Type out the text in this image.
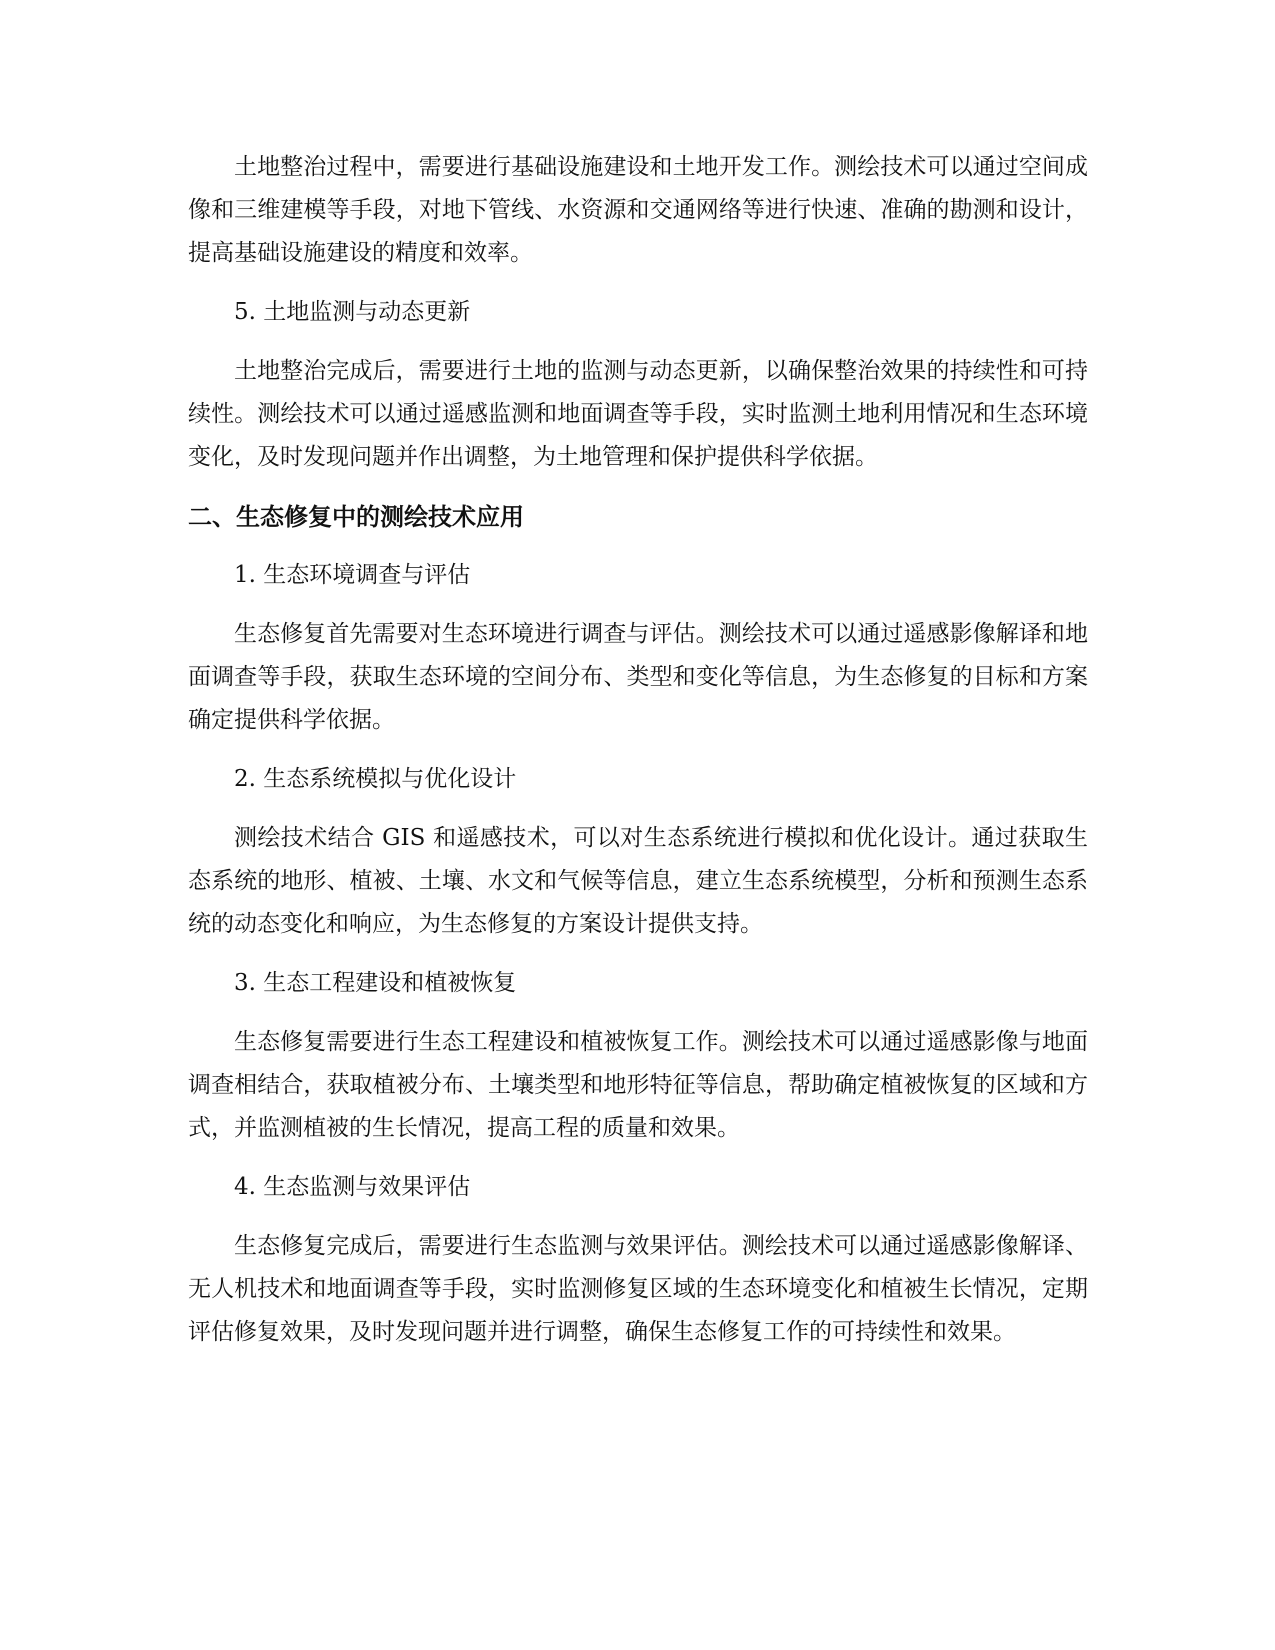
土地整治过程中，需要进行基础设施建设和土地开发工作。测绘技术可以通过空间成像和三维建模等手段，对地下管线、水资源和交通网络等进行快速、准确的勘测和设计，提高基础设施建设的精度和效率。

5. 土地监测与动态更新

土地整治完成后，需要进行土地的监测与动态更新，以确保整治效果的持续性和可持续性。测绘技术可以通过遥感监测和地面调查等手段，实时监测土地利用情况和生态环境变化，及时发现问题并作出调整，为土地管理和保护提供科学依据。

二、生态修复中的测绘技术应用

1. 生态环境调查与评估

生态修复首先需要对生态环境进行调查与评估。测绘技术可以通过遥感影像解译和地面调查等手段，获取生态环境的空间分布、类型和变化等信息，为生态修复的目标和方案确定提供科学依据。

2. 生态系统模拟与优化设计

测绘技术结合 GIS 和遥感技术，可以对生态系统进行模拟和优化设计。通过获取生态系统的地形、植被、土壤、水文和气候等信息，建立生态系统模型，分析和预测生态系统的动态变化和响应，为生态修复的方案设计提供支持。

3. 生态工程建设和植被恢复

生态修复需要进行生态工程建设和植被恢复工作。测绘技术可以通过遥感影像与地面调查相结合，获取植被分布、土壤类型和地形特征等信息，帮助确定植被恢复的区域和方式，并监测植被的生长情况，提高工程的质量和效果。

4. 生态监测与效果评估

生态修复完成后，需要进行生态监测与效果评估。测绘技术可以通过遥感影像解译、无人机技术和地面调查等手段，实时监测修复区域的生态环境变化和植被生长情况，定期评估修复效果，及时发现问题并进行调整，确保生态修复工作的可持续性和效果。
